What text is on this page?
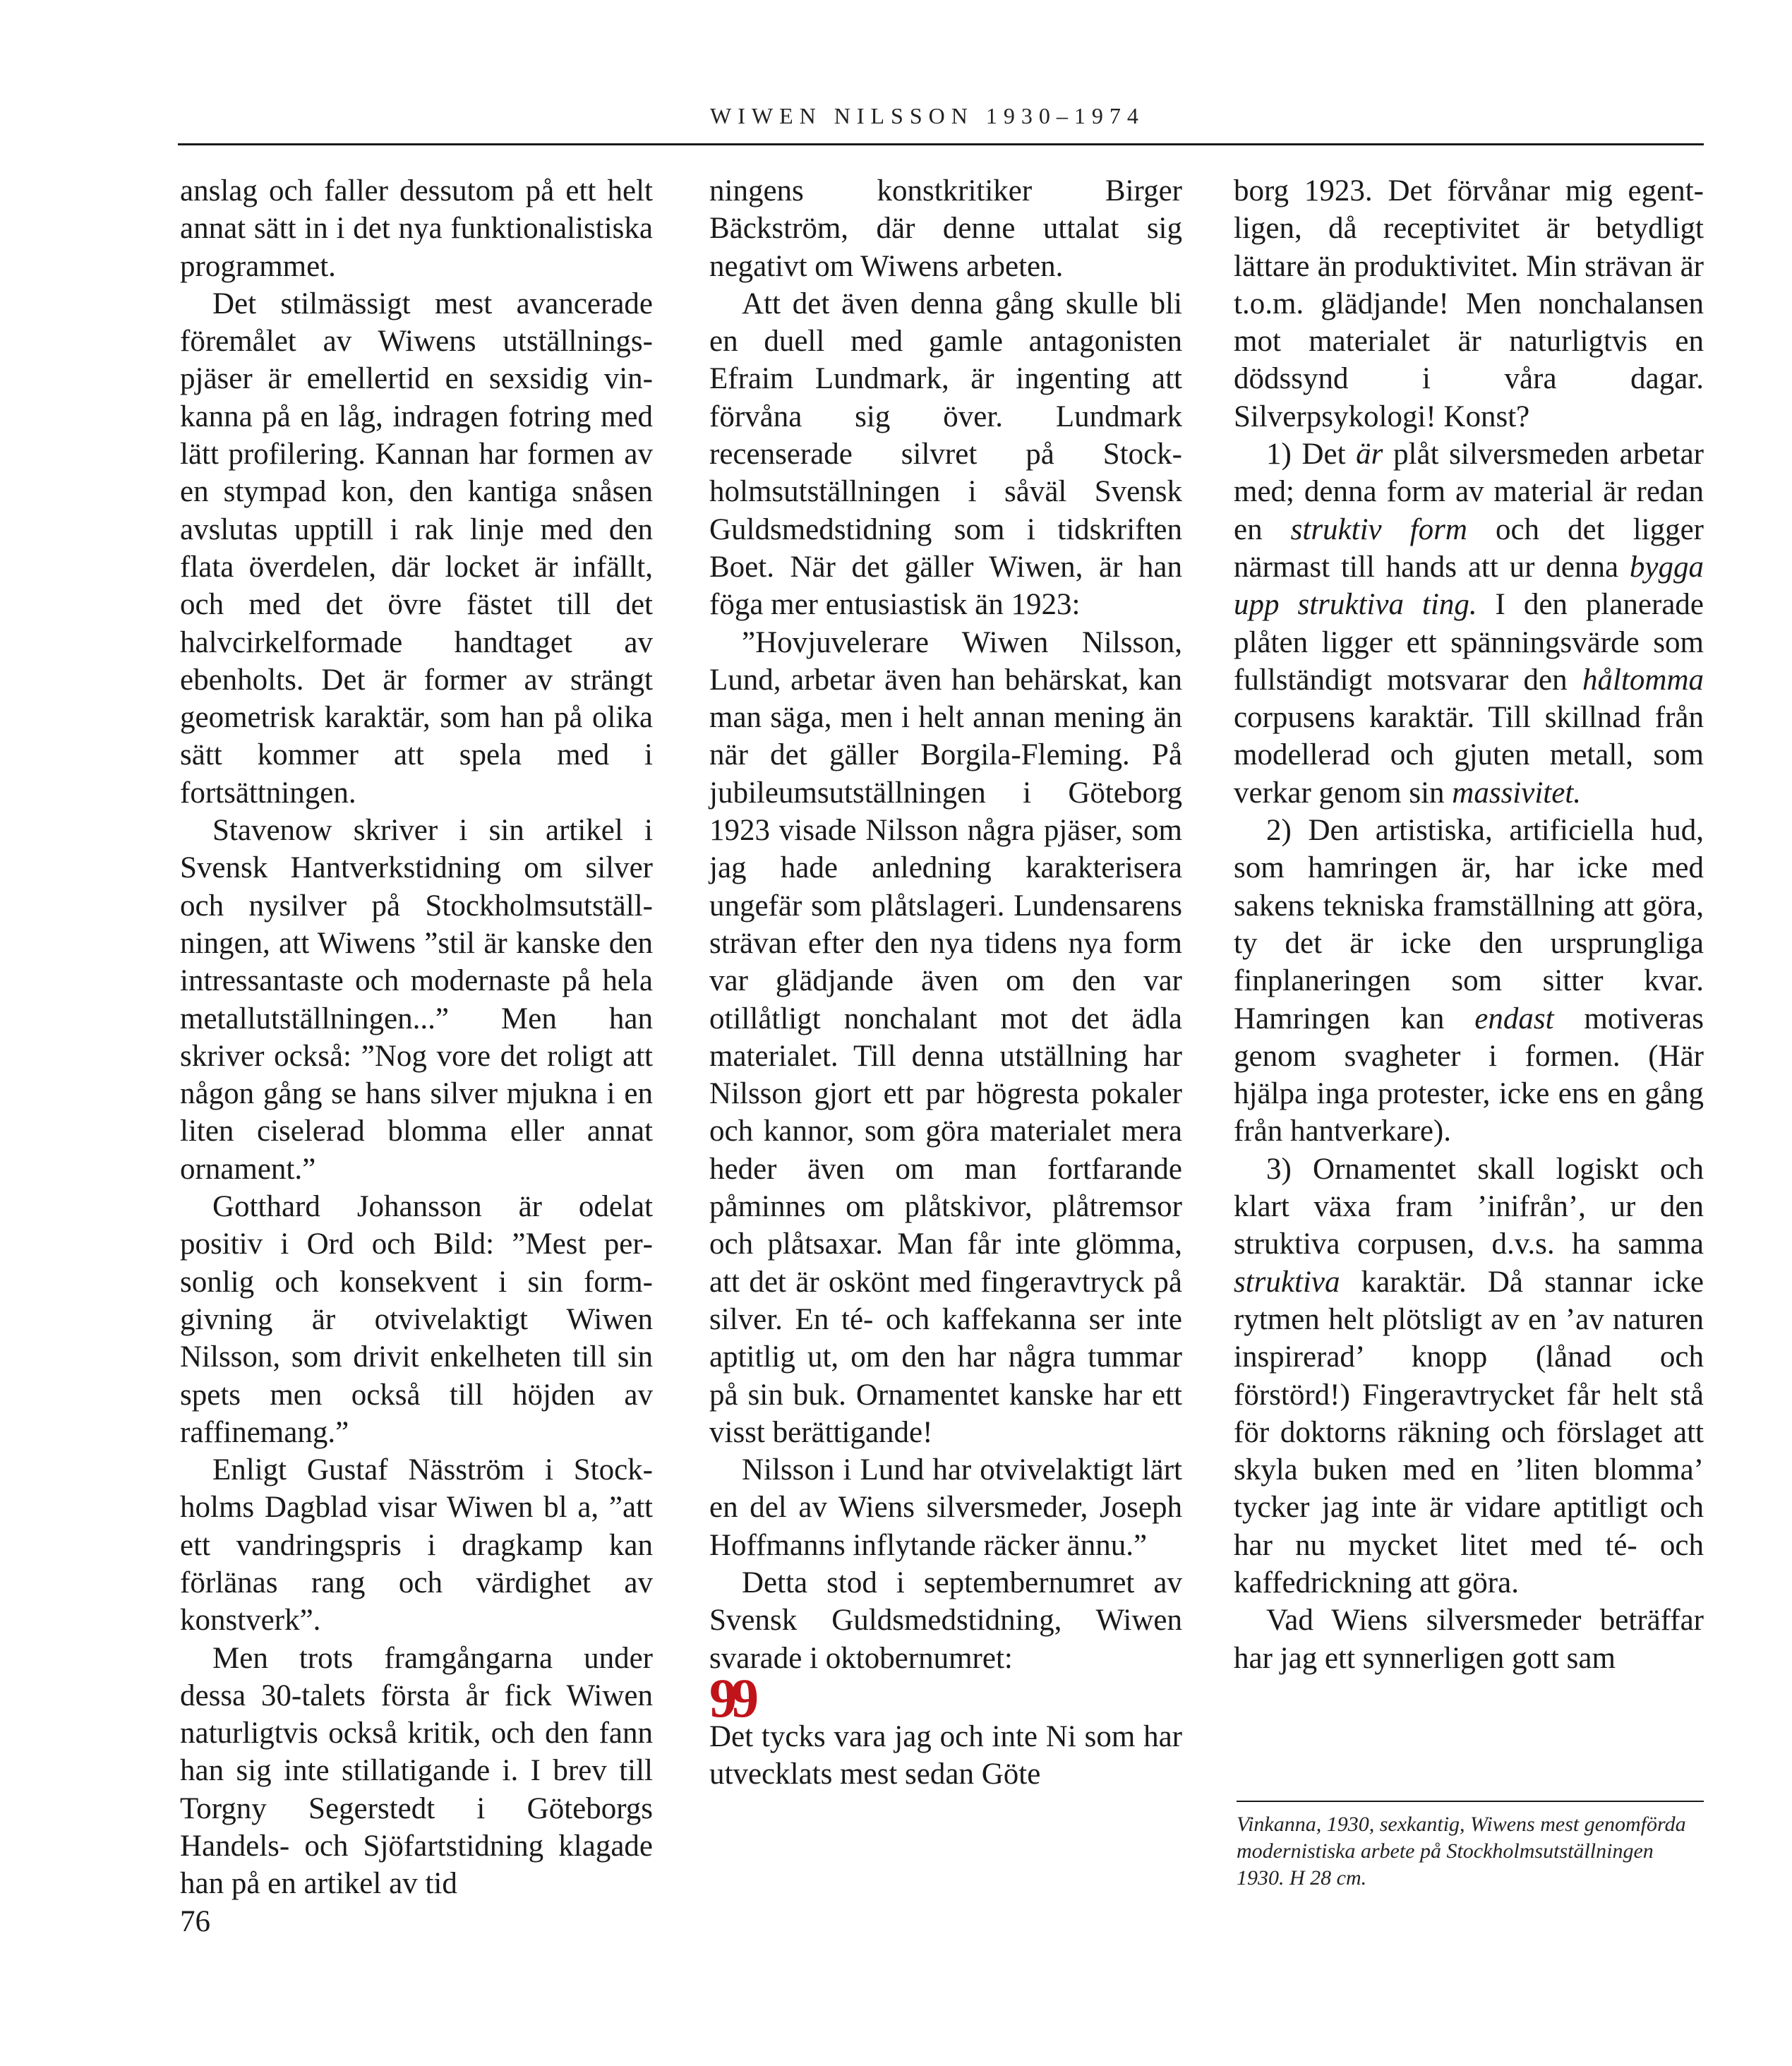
WIWEN NILSSON 1930–1974

anslag och faller dessutom på ett helt annat sätt in i det nya funktionalistiska programmet.

Det stilmässigt mest avancerade föremålet av Wiwens utställningspjäser är emellertid en sexsidig vinkanna på en låg, indragen fotring med lätt profilering. Kannan har formen av en stympad kon, den kantiga snåsen avslutas upptill i rak linje med den flata överdelen, där locket är infällt, och med det övre fästet till det halvcirkelformade handtaget av ebenholts. Det är former av strängt geometrisk karaktär, som han på olika sätt kommer att spela med i fortsättningen.

Stavenow skriver i sin artikel i Svensk Hantverkstidning om silver och nysilver på Stockholmsutställningen, att Wiwens ”stil är kanske den intressantaste och modernaste på hela metallutställningen...” Men han skriver också: ”Nog vore det roligt att någon gång se hans silver mjukna i en liten ciselerad blomma eller annat ornament.”

Gotthard Johansson är odelat positiv i Ord och Bild: ”Mest personlig och konsekvent i sin formgivning är otvivelaktigt Wiwen Nilsson, som drivit enkelheten till sin spets men också till höjden av raffinemang.”

Enligt Gustaf Näsström i Stockholms Dagblad visar Wiwen bl a, ”att ett vandringspris i dragkamp kan förlänas rang och värdighet av konstverk”.

Men trots framgångarna under dessa 30-talets första år fick Wiwen naturligtvis också kritik, och den fann han sig inte stillatigande i. I brev till Torgny Segerstedt i Göteborgs Handels- och Sjöfartstidning klagade han på en artikel av tid

ningens konstkritiker Birger Bäckström, där denne uttalat sig negativt om Wiwens arbeten.

Att det även denna gång skulle bli en duell med gamle antagonisten Efraim Lundmark, är ingenting att förvåna sig över. Lundmark recenserade silvret på Stockholmsutställningen i såväl Svensk Guldsmedstidning som i tidskriften Boet. När det gäller Wiwen, är han föga mer entusiastisk än 1923:

”Hovjuvelerare Wiwen Nilsson, Lund, arbetar även han behärskat, kan man säga, men i helt annan mening än när det gäller Borgila-Fleming. På jubileumsutställningen i Göteborg 1923 visade Nilsson några pjäser, som jag hade anledning karakterisera ungefär som plåtslageri. Lundensarens strävan efter den nya tidens nya form var glädjande även om den var otillåtligt nonchalant mot det ädla materialet. Till denna utställning har Nilsson gjort ett par högresta pokaler och kannor, som göra materialet mera heder även om man fortfarande påminnes om plåtskivor, plåtremsor och plåtsaxar. Man får inte glömma, att det är oskönt med fingeravtryck på silver. En té- och kaffekanna ser inte aptitlig ut, om den har några tummar på sin buk. Ornamentet kanske har ett visst berättigande!

Nilsson i Lund har otvivelaktigt lärt en del av Wiens silversmeder, Joseph Hoffmanns inflytande räcker ännu.”

Detta stod i septembernumret av Svensk Guldsmedstidning, Wiwen svarade i oktobernumret:

99

Det tycks vara jag och inte Ni som har utvecklats mest sedan Göte

borg 1923. Det förvånar mig egentligen, då receptivitet är betydligt lättare än produktivitet. Min strävan är t.o.m. glädjande! Men nonchalansen mot materialet är naturligtvis en dödssynd i våra dagar. Silverpsykologi! Konst?

1) Det är plåt silversmeden arbetar med; denna form av material är redan en struktiv form och det ligger närmast till hands att ur denna bygga upp struktiva ting. I den planerade plåten ligger ett spänningsvärde som fullständigt motsvarar den håltomma corpusens karaktär. Till skillnad från modellerad och gjuten metall, som verkar genom sin massivitet.

2) Den artistiska, artificiella hud, som hamringen är, har icke med sakens tekniska framställning att göra, ty det är icke den ursprungliga finplaneringen som sitter kvar. Hamringen kan endast motiveras genom svagheter i formen. (Här hjälpa inga protester, icke ens en gång från hantverkare).

3) Ornamentet skall logiskt och klart växa fram ’inifrån’, ur den struktiva corpusen, d.v.s. ha samma struktiva karaktär. Då stannar icke rytmen helt plötsligt av en ’av naturen inspirerad’ knopp (lånad och förstörd!) Fingeravtrycket får helt stå för doktorns räkning och förslaget att skyla buken med en ’liten blomma’ tycker jag inte är vidare aptitligt och har nu mycket litet med té- och kaffedrickning att göra.

Vad Wiens silversmeder beträffar har jag ett synnerligen gott sam

Vinkanna, 1930, sexkantig, Wiwens mest genomförda modernistiska arbete på Stockholmsutställningen 1930. H 28 cm.
76
